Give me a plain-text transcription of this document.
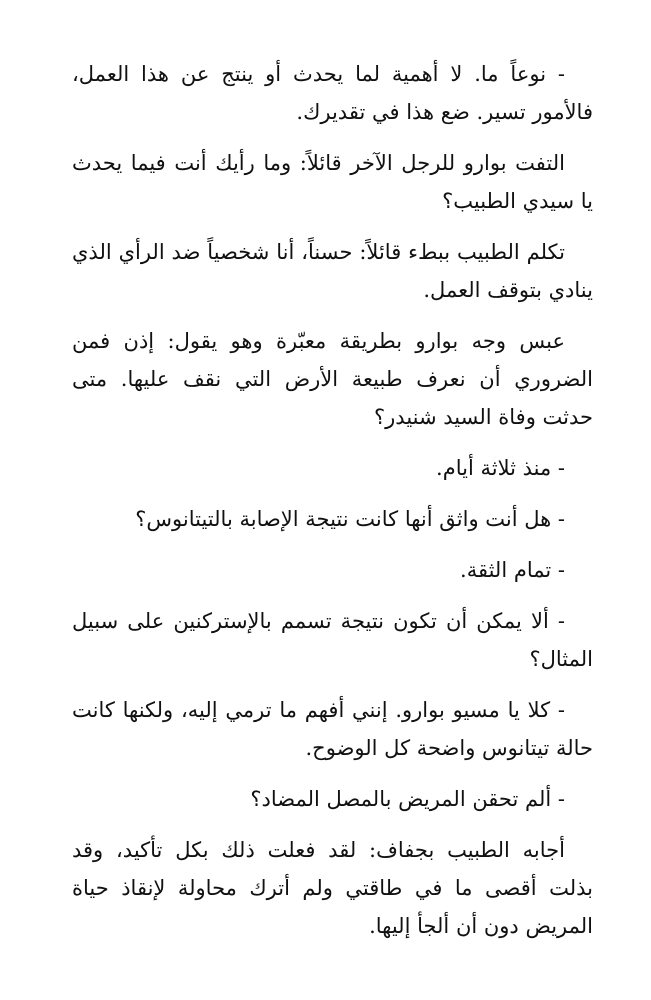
- نوعاً ما. لا أهمية لما يحدث أو ينتج عن هذا العمل، فالأمور تسير. ضع هذا في تقديرك.

التفت بوارو للرجل الآخر قائلاً: وما رأيك أنت فيما يحدث يا سيدي الطبيب؟

تكلم الطبيب ببطء قائلاً: حسناً، أنا شخصياً ضد الرأي الذي ينادي بتوقف العمل.

عبس وجه بوارو بطريقة معبّرة وهو يقول: إذن فمن الضروري أن نعرف طبيعة الأرض التي نقف عليها. متى حدثت وفاة السيد شنيدر؟

- منذ ثلاثة أيام.

- هل أنت واثق أنها كانت نتيجة الإصابة بالتيتانوس؟

- تمام الثقة.

- ألا يمكن أن تكون نتيجة تسمم بالإستركنين على سبيل المثال؟

- كلا يا مسيو بوارو. إنني أفهم ما ترمي إليه، ولكنها كانت حالة تيتانوس واضحة كل الوضوح.

- ألم تحقن المريض بالمصل المضاد؟

أجابه الطبيب بجفاف: لقد فعلت ذلك بكل تأكيد، وقد بذلت أقصى ما في طاقتي ولم أترك محاولة لإنقاذ حياة المريض دون أن ألجأ إليها.
